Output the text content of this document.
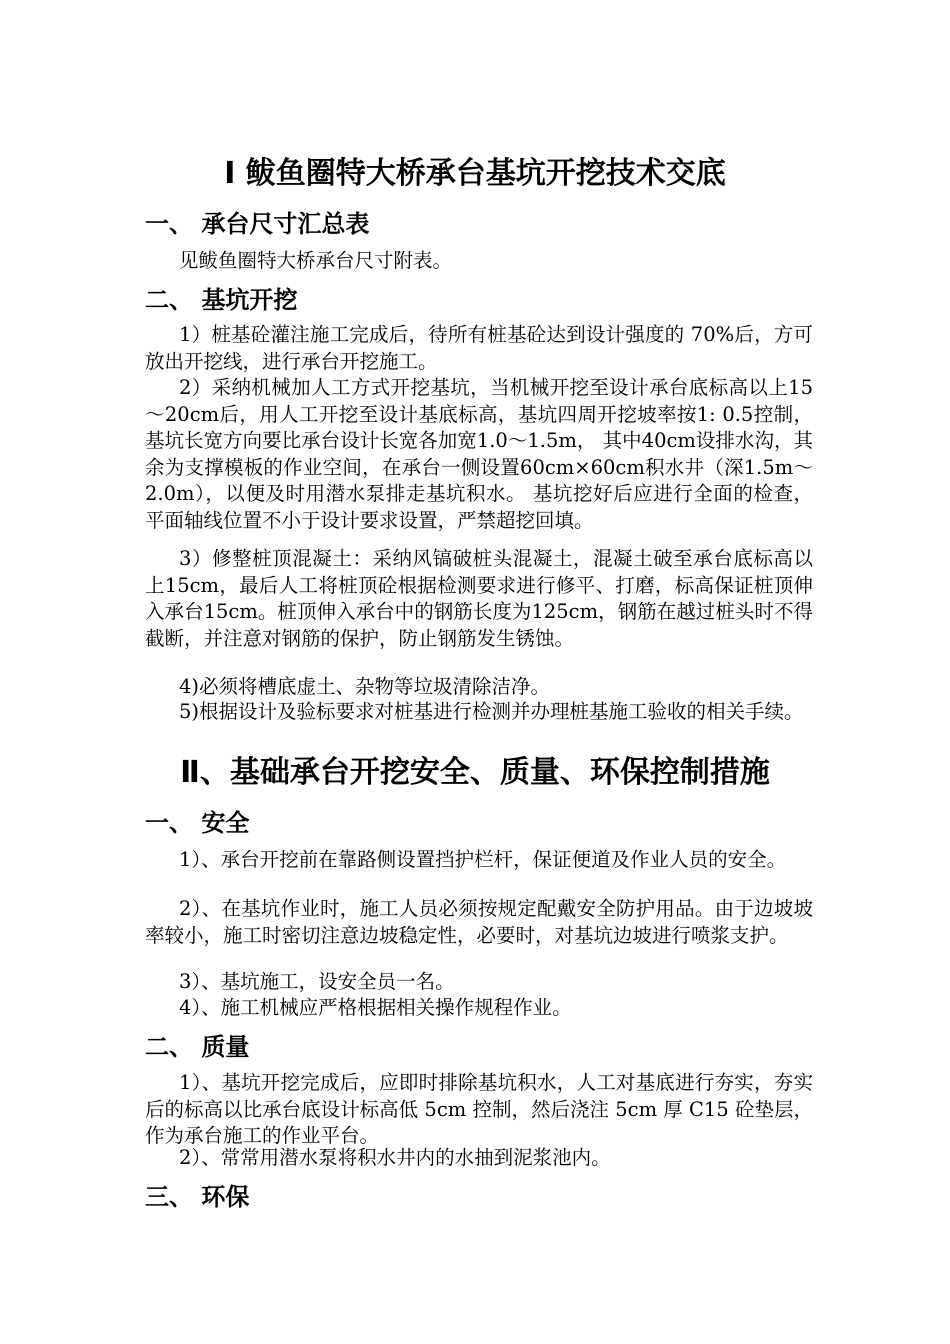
Ⅰ 鲅鱼圈特大桥承台基坑开挖技术交底
一、 承台尺寸汇总表

见鲅鱼圈特大桥承台尺寸附表。

二、 基坑开挖

1）桩基砼灌注施工完成后，待所有桩基砼达到设计强度的 70%后，方可放出开挖线，进行承台开挖施工。

2）采纳机械加人工方式开挖基坑，当机械开挖至设计承台底标高以上15～20cm后，用人工开挖至设计基底标高，基坑四周开挖坡率按1: 0.5控制，基坑长宽方向要比承台设计长宽各加宽1.0～1.5m， 其中40cm设排水沟，其余为支撑模板的作业空间，在承台一侧设置60cm×60cm积水井（深1.5m～2.0m），以便及时用潜水泵排走基坑积水。 基坑挖好后应进行全面的检查，平面轴线位置不小于设计要求设置，严禁超挖回填。

3）修整桩顶混凝土：采纳风镐破桩头混凝土，混凝土破至承台底标高以上15cm，最后人工将桩顶砼根据检测要求进行修平、打磨，标高保证桩顶伸入承台15cm。桩顶伸入承台中的钢筋长度为125cm，钢筋在越过桩头时不得截断，并注意对钢筋的保护，防止钢筋发生锈蚀。

4)必须将槽底虚土、杂物等垃圾清除洁净。

5)根据设计及验标要求对桩基进行检测并办理桩基施工验收的相关手续。

Ⅱ、基础承台开挖安全、质量、环保控制措施
一、 安全

1）、承台开挖前在靠路侧设置挡护栏杆，保证便道及作业人员的安全。

2）、在基坑作业时，施工人员必须按规定配戴安全防护用品。由于边坡坡率较小，施工时密切注意边坡稳定性，必要时，对基坑边坡进行喷浆支护。

3）、基坑施工，设安全员一名。

4）、施工机械应严格根据相关操作规程作业。

二、 质量

1）、基坑开挖完成后，应即时排除基坑积水，人工对基底进行夯实，夯实后的标高以比承台底设计标高低 5cm 控制，然后浇注 5cm 厚 C15 砼垫层，作为承台施工的作业平台。

2）、常常用潜水泵将积水井内的水抽到泥浆池内。

三、 环保
